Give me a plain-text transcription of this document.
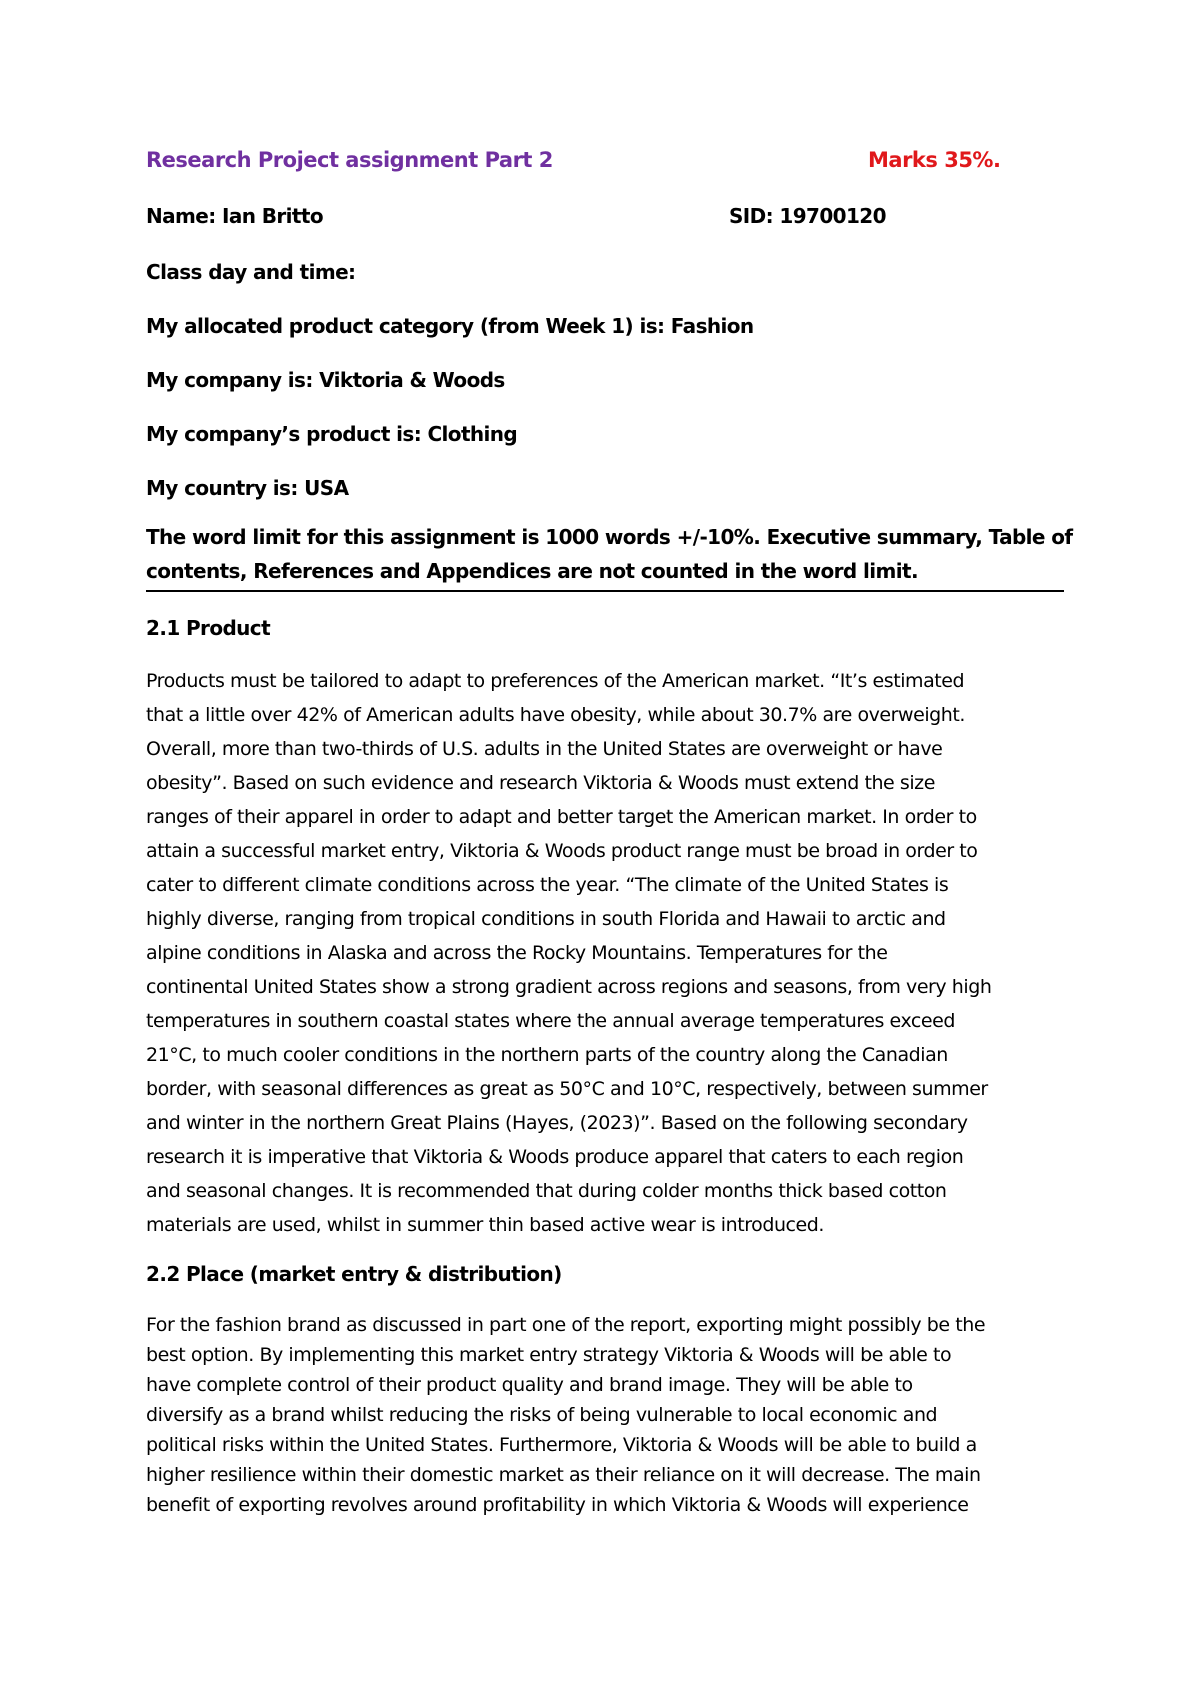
Research Project assignment Part 2	Marks 35%.
Name: Ian Britto	SID: 19700120
Class day and time:
My allocated product category (from Week 1) is: Fashion
My company is: Viktoria & Woods
My company’s product is: Clothing
My country is: USA
The word limit for this assignment is 1000 words +/-10%. Executive summary, Table of
contents, References and Appendices are not counted in the word limit.
2.1 Product
Products must be tailored to adapt to preferences of the American market. “It’s estimated
that a little over 42% of American adults have obesity, while about 30.7% are overweight.
Overall, more than two-thirds of U.S. adults in the United States are overweight or have
obesity”. Based on such evidence and research Viktoria & Woods must extend the size
ranges of their apparel in order to adapt and better target the American market. In order to
attain a successful market entry, Viktoria & Woods product range must be broad in order to
cater to different climate conditions across the year. “The climate of the United States is
highly diverse, ranging from tropical conditions in south Florida and Hawaii to arctic and
alpine conditions in Alaska and across the Rocky Mountains. Temperatures for the
continental United States show a strong gradient across regions and seasons, from very high
temperatures in southern coastal states where the annual average temperatures exceed
21°C, to much cooler conditions in the northern parts of the country along the Canadian
border, with seasonal differences as great as 50°C and 10°C, respectively, between summer
and winter in the northern Great Plains (Hayes, (2023)”. Based on the following secondary
research it is imperative that Viktoria & Woods produce apparel that caters to each region
and seasonal changes. It is recommended that during colder months thick based cotton
materials are used, whilst in summer thin based active wear is introduced.
2.2 Place (market entry & distribution)
For the fashion brand as discussed in part one of the report, exporting might possibly be the
best option. By implementing this market entry strategy Viktoria & Woods will be able to
have complete control of their product quality and brand image. They will be able to
diversify as a brand whilst reducing the risks of being vulnerable to local economic and
political risks within the United States. Furthermore, Viktoria & Woods will be able to build a
higher resilience within their domestic market as their reliance on it will decrease. The main
benefit of exporting revolves around profitability in which Viktoria & Woods will experience
